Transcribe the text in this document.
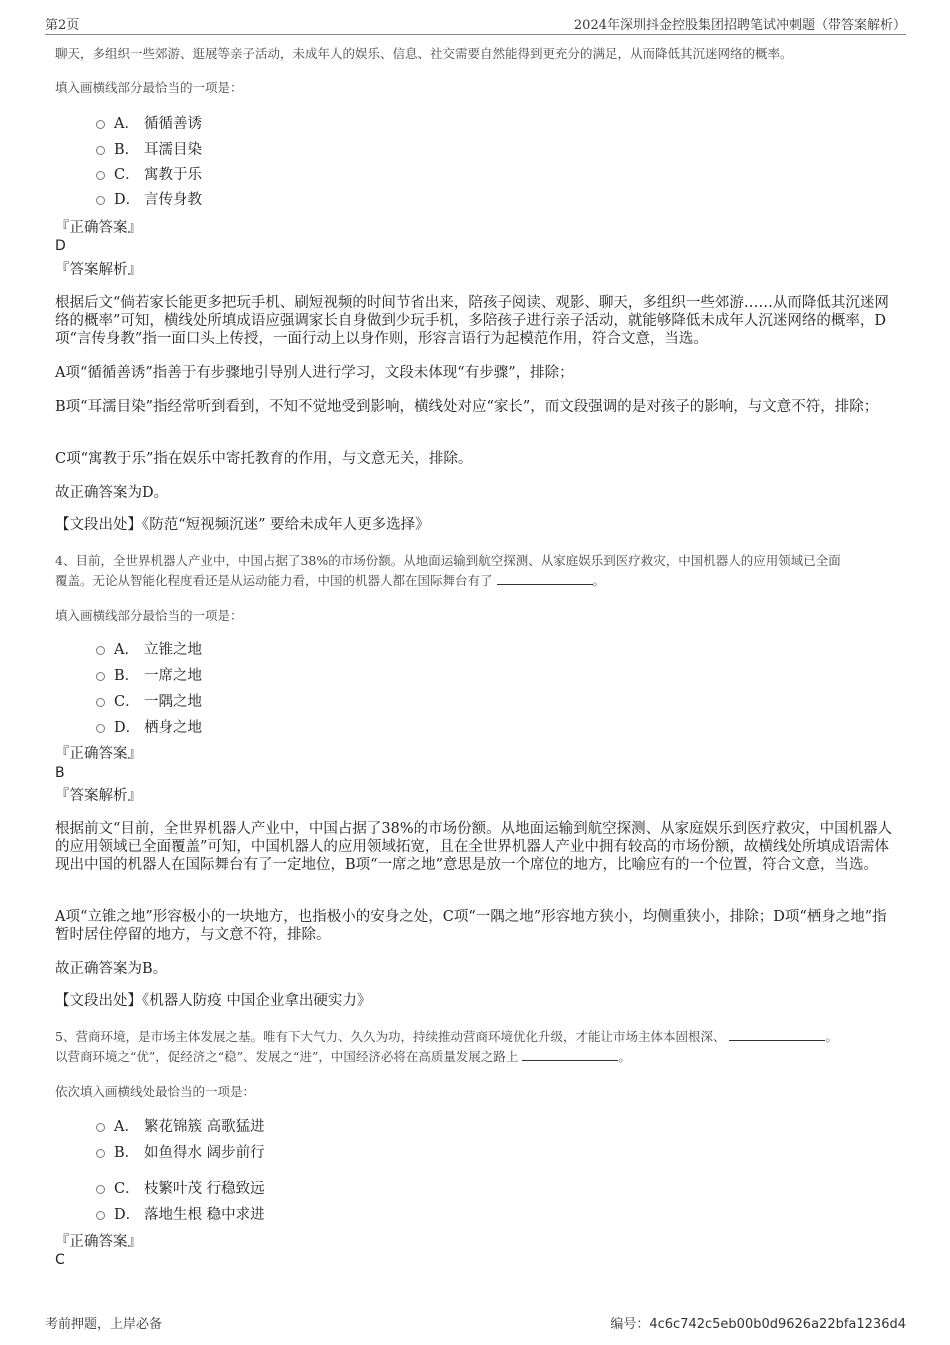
第2页	2024年深圳抖金控股集团招聘笔试冲刺题（带答案解析）
聊天，多组织一些郊游、逛展等亲子活动，未成年人的娱乐、信息、社交需要自然能得到更充分的满足，从而降低其沉迷网络的概率。
填入画横线部分最恰当的一项是：
A． 循循善诱
B． 耳濡目染
C． 寓教于乐
D． 言传身教
『正确答案』
D
『答案解析』
根据后文“倘若家长能更多把玩手机、刷短视频的时间节省出来，陪孩子阅读、观影、聊天，多组织一些郊游……从而降低其沉迷网络的概率”可知，横线处所填成语应强调家长自身做到少玩手机，多陪孩子进行亲子活动，就能够降低未成年人沉迷网络的概率，D项“言传身教”指一面口头上传授，一面行动上以身作则，形容言语行为起模范作用，符合文意，当选。
A项“循循善诱”指善于有步骤地引导别人进行学习，文段未体现“有步骤”，排除；
B项“耳濡目染”指经常听到看到，不知不觉地受到影响，横线处对应“家长”，而文段强调的是对孩子的影响，与文意不符，排除；
C项“寓教于乐”指在娱乐中寄托教育的作用，与文意无关，排除。
故正确答案为D。
【文段出处】《防范“短视频沉迷” 要给未成年人更多选择》
4、目前，全世界机器人产业中，中国占据了38%的市场份额。从地面运输到航空探测、从家庭娱乐到医疗救灾，中国机器人的应用领域已全面
覆盖。无论从智能化程度看还是从运动能力看，中国的机器人都在国际舞台有了	。
填入画横线部分最恰当的一项是：
A． 立锥之地
B． 一席之地
C． 一隅之地
D． 栖身之地
『正确答案』
B
『答案解析』
根据前文“目前，全世界机器人产业中，中国占据了38%的市场份额。从地面运输到航空探测、从家庭娱乐到医疗救灾，中国机器人的应用领域已全面覆盖”可知，中国机器人的应用领域拓宽，且在全世界机器人产业中拥有较高的市场份额，故横线处所填成语需体现出中国的机器人在国际舞台有了一定地位，B项“一席之地”意思是放一个席位的地方，比喻应有的一个位置，符合文意，当选。
A项“立锥之地”形容极小的一块地方，也指极小的安身之处，C项“一隅之地”形容地方狭小，均侧重狭小，排除；D项“栖身之地”指暂时居住停留的地方，与文意不符，排除。
故正确答案为B。
【文段出处】《机器人防疫 中国企业拿出硬实力》
5、营商环境，是市场主体发展之基。唯有下大气力、久久为功，持续推动营商环境优化升级，才能让市场主体本固根深、	。
以营商环境之“优”，促经济之“稳”、发展之“进”，中国经济必将在高质量发展之路上	。
依次填入画横线处最恰当的一项是：
A． 繁花锦簇 高歌猛进
B． 如鱼得水 阔步前行
C． 枝繁叶茂 行稳致远
D． 落地生根 稳中求进
『正确答案』
C
考前押题，上岸必备	编号：4c6c742c5eb00b0d9626a22bfa1236d4
